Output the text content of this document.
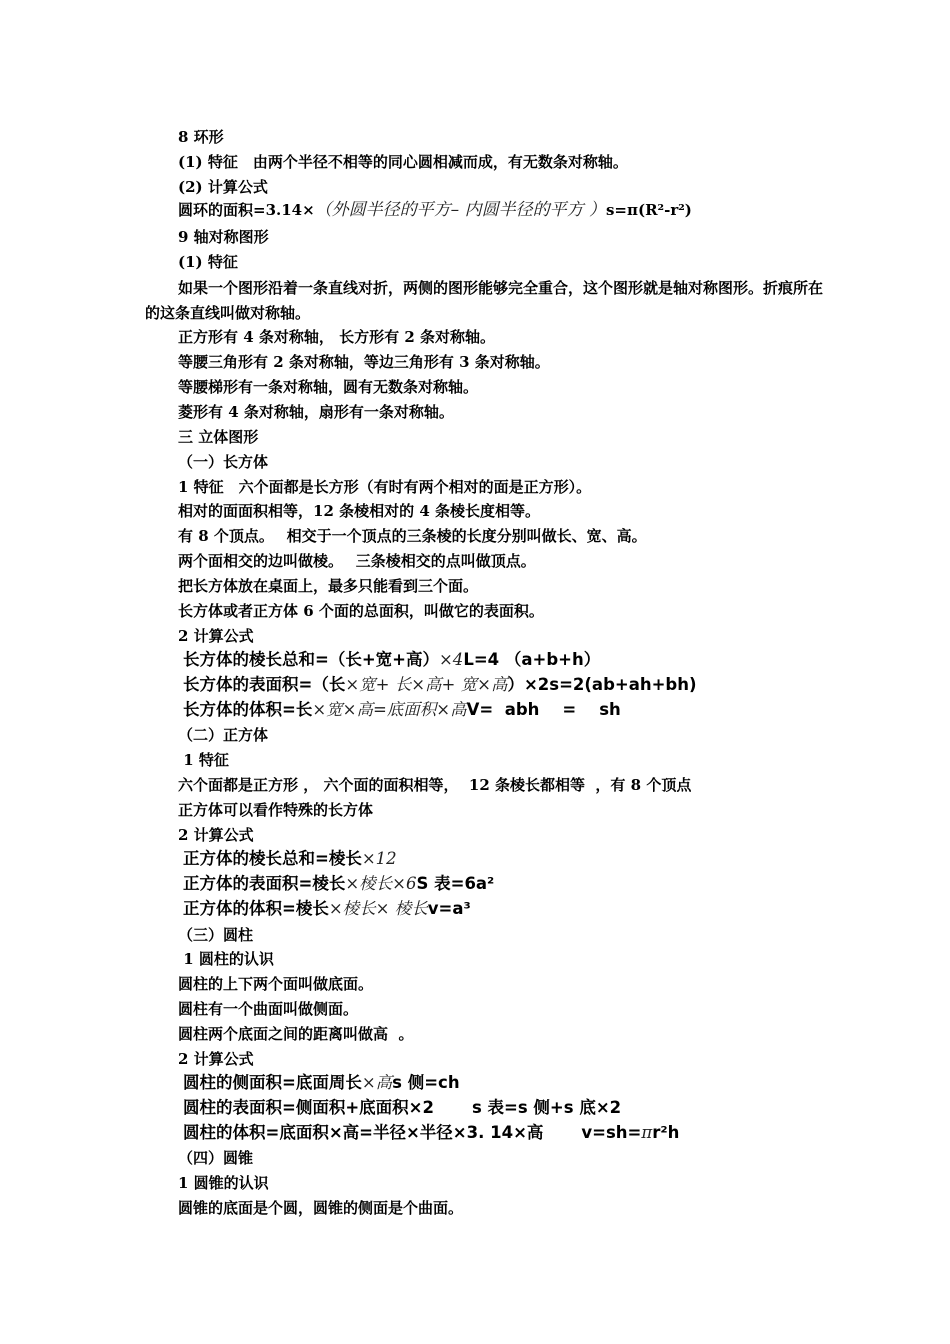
8 环形
(1) 特征　由两个半径不相等的同心圆相减而成，有无数条对称轴。
(2) 计算公式
圆环的面积=3.14×（外圆半径的平方– 内圆半径的平方 ）s=π(R²-r²)
9 轴对称图形
(1) 特征
如果一个图形沿着一条直线对折，两侧的图形能够完全重合，这个图形就是轴对称图形。折痕所在的这条直线叫做对称轴。
正方形有 4 条对称轴， 长方形有 2 条对称轴。
等腰三角形有 2 条对称轴，等边三角形有 3 条对称轴。
等腰梯形有一条对称轴，圆有无数条对称轴。
菱形有 4 条对称轴，扇形有一条对称轴。
三 立体图形
（一）长方体
1 特征　六个面都是长方形（有时有两个相对的面是正方形）。
相对的面面积相等，12 条棱相对的 4 条棱长度相等。
有 8 个顶点。　 相交于一个顶点的三条棱的长度分别叫做长、宽、高。
两个面相交的边叫做棱。　 三条棱相交的点叫做顶点。
把长方体放在桌面上，最多只能看到三个面。
长方体或者正方体 6 个面的总面积，叫做它的表面积。
2 计算公式
长方体的棱长总和=（长+宽+高）×4L=4 （a+b+h）
长方体的表面积=（长×宽+ 长×高+ 宽×高）×2s=2(ab+ah+bh)
长方体的体积=长×宽×高=底面积×高V=  abh    =    sh
（二）正方体
1 特征
六个面都是正方形 ， 六个面的面积相等，  12 条棱长都相等  ，有 8 个顶点
正方体可以看作特殊的长方体
2 计算公式
正方体的棱长总和=棱长×12
正方体的表面积=棱长×棱长×6S 表=6a²
正方体的体积=棱长×棱长× 棱长v=a³
（三）圆柱
1 圆柱的认识
圆柱的上下两个面叫做底面。
圆柱有一个曲面叫做侧面。
圆柱两个底面之间的距离叫做高  。
2 计算公式
圆柱的侧面积=底面周长×高s 侧=ch
圆柱的表面积=侧面积+底面积×2 s 表=s 侧+s 底×2
圆柱的体积=底面积×高=半径×半径×3. 14×高 v=sh=πr²h
（四）圆锥
1 圆锥的认识
圆锥的底面是个圆，圆锥的侧面是个曲面。
